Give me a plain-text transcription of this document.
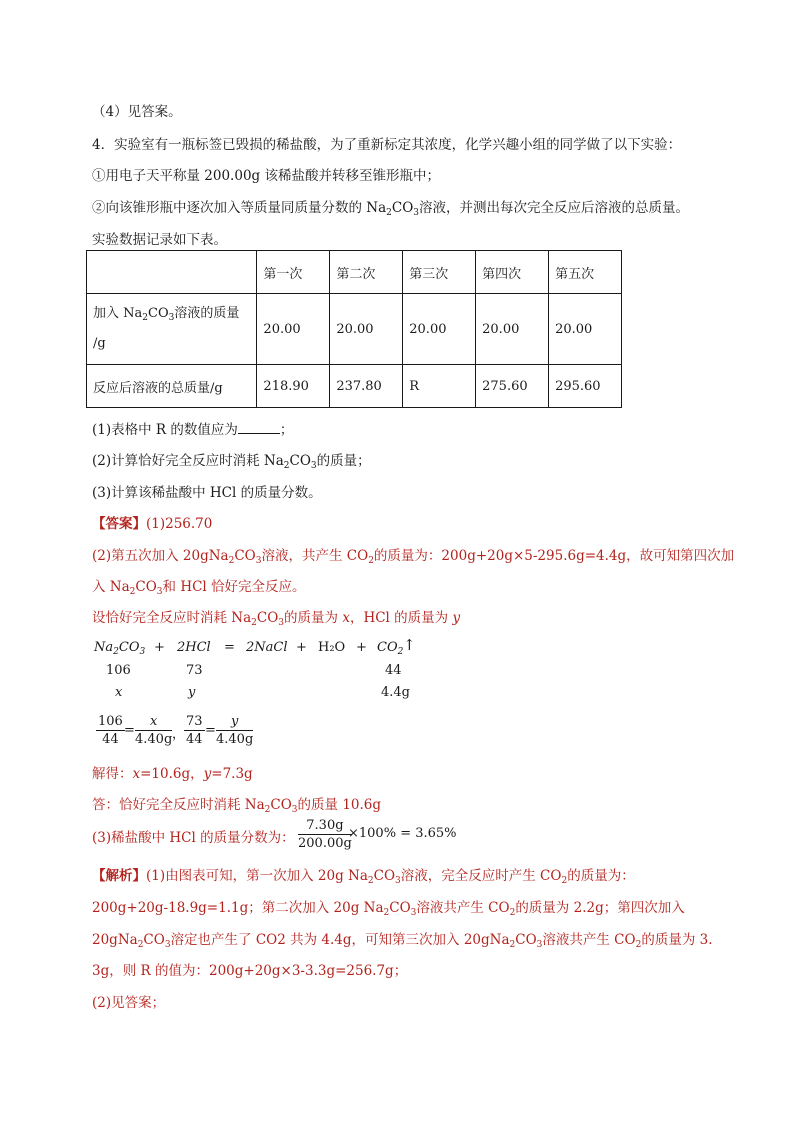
（4）见答案。
4．实验室有一瓶标签已毁损的稀盐酸，为了重新标定其浓度，化学兴趣小组的同学做了以下实验：
①用电子天平称量 200.00g 该稀盐酸并转移至锥形瓶中；
②向该锥形瓶中逐次加入等质量同质量分数的 $Na_2CO_3$溶液，并测出每次完全反应后溶液的总质量。
实验数据记录如下表。
	第一次	第二次	第三次	第四次	第五次
加入 $Na_2CO_3$溶液的质量
/g	20.00	20.00	20.00	20.00	20.00
反应后溶液的总质量/g	218.90	237.80	R	275.60	295.60
(1)表格中 R 的数值应为	；
(2)计算恰好完全反应时消耗 $Na_2CO_3$的质量；
(3)计算该稀盐酸中 HCl 的质量分数。
【答案】(1)256.70
(2)第五次加入 $20gNa_2CO_3$溶液，共产生 $CO_2$的质量为：200g+20g×5-295.6g=4.4g，故可知第四次加
入 $Na_2CO_3$和 HCl 恰好完全反应。
设恰好完全反应时消耗 $Na_2CO_3$的质量为 x，HCl 的质量为 y
$Na_2CO_3 + 2HCl$ = 2NaCl + $H_2O + CO_2$ ↑
106	73	44
x	y	4.4g
$\frac{106}{44} = \frac{x}{4.40g}$ ，
$\frac{73}{44} = \frac{y}{4.40g}$
解得：x=10.6g，y=7.3g
答：恰好完全反应时消耗 $Na_2CO_3$的质量 10.6g
(3)稀盐酸中 HCl 的质量分数为： $\frac{7.30g}{200.00g}$
×100% = 3.65%
【解析】(1)由图表可知，第一次加入 20g $Na_2CO_3$溶液，完全反应时产生 $CO_2$的质量为：
200g+20g-18.9g=1.1g；第二次加入 20g $Na_2CO_3$溶液共产生 $CO_2$的质量为 2.2g；第四次加入
$20gNa_2CO_3$溶定也产生了 CO2 共为 4.4g，可知第三次加入 $20gNa_2CO_3$溶液共产生 $CO_2$的质量为 3.
3g，则 R 的值为：200g+20g×3-3.3g=256.7g；
(2)见答案；
